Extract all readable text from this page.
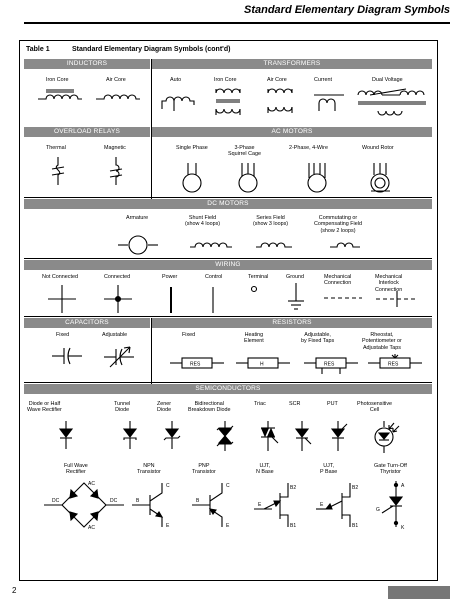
Standard Elementary Diagram Symbols
Table 1	Standard Elementary Diagram Symbols (cont'd)
INDUCTORS	TRANSFORMERS
OVERLOAD RELAYS	AC MOTORS
DC MOTORS
WIRING
CAPACITORS	RESISTORS
SEMICONDUCTORS
Iron Core	Air Core	Auto	Iron Core	Air Core	Current	Dual Voltage
Thermal	Magnetic	Single Phase	3-Phase
Squirrel Cage
2-Phase, 4-Wire	Wound Rotor
Armature	Shunt Field
(show 4 loops)
Series Field
(show 3 loops)
Commutating or
Compensating Field
(show 2 loops)
Not Connected	Connected	Power	Control	Terminal	Ground	Mechanical
Connection
Mechanical
Interlock
Connection
Fixed	Adjustable	Fixed	Heating
Element
Adjustable,
by Fixed Taps
Rheostat,
Potentiometer or
Adjustable Taps
RES	H	RES	RES
Diode or Half
Wave Rectifier
Tunnel
Diode
Zener
Diode
Bidirectional
Breakdown Diode
Triac	SCR	PUT	Photosensitive
Cell
Full Wave
Rectifier
NPN
Transistor
PNP
Transistor
UJT,
N Base
UJT,
P Base
Gate Turn-Off
Thyristor
AC
AC
DC	DC	B
C
E
B
C
E
E
B2
B1
E
B2
B1
A
G
K
2
